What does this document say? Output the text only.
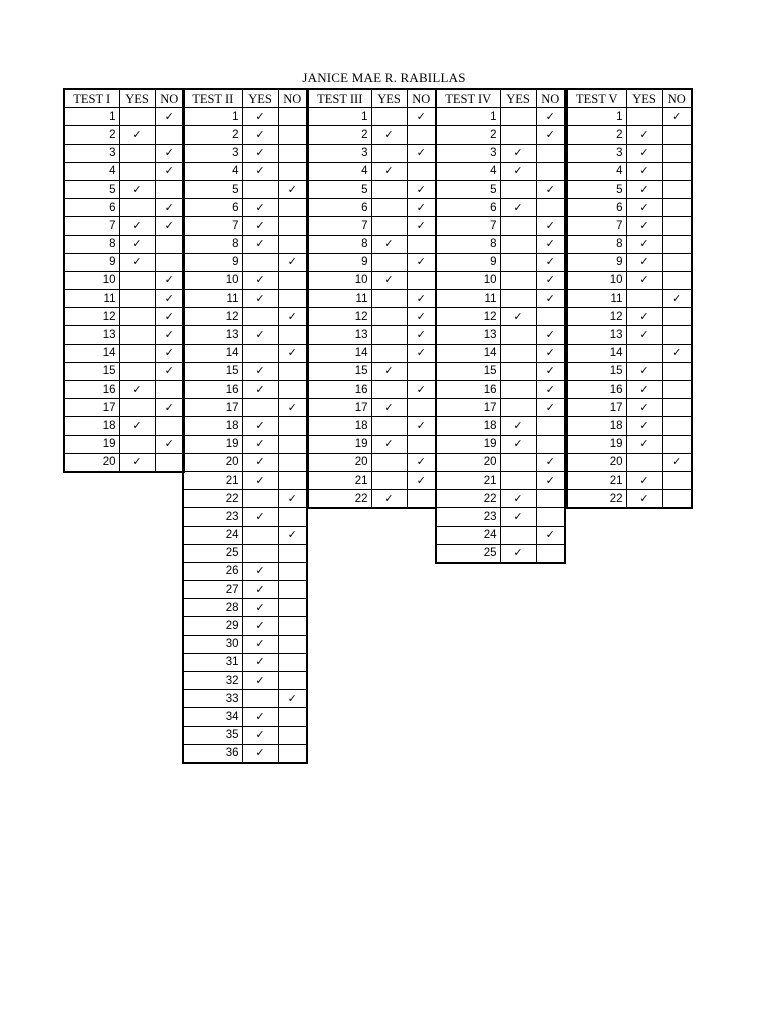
JANICE MAE R. RABILLAS
TEST I	YES	NO
1		✓
2	✓	
3		✓
4		✓
5	✓	
6		✓
7	✓	✓
8	✓	
9	✓	
10		✓
11		✓
12		✓
13		✓
14		✓
15		✓
16	✓	
17		✓
18	✓	
19		✓
20	✓	
TEST II	YES	NO
1	✓	
2	✓	
3	✓	
4	✓	
5		✓
6	✓	
7	✓	
8	✓	
9		✓
10	✓	
11	✓	
12		✓
13	✓	
14		✓
15	✓	
16	✓	
17		✓
18	✓	
19	✓	
20	✓	
21	✓	
22		✓
23	✓	
24		✓
25		
26	✓	
27	✓	
28	✓	
29	✓	
30	✓	
31	✓	
32	✓	
33		✓
34	✓	
35	✓	
36	✓	
TEST III	YES	NO
1		✓
2	✓	
3		✓
4	✓	
5		✓
6		✓
7		✓
8	✓	
9		✓
10	✓	
11		✓
12		✓
13		✓
14		✓
15	✓	
16		✓
17	✓	
18		✓
19	✓	
20		✓
21		✓
22	✓	
TEST IV	YES	NO
1		✓
2		✓
3	✓	
4	✓	
5		✓
6	✓	
7		✓
8		✓
9		✓
10		✓
11		✓
12	✓	
13		✓
14		✓
15		✓
16		✓
17		✓
18	✓	
19	✓	
20		✓
21		✓
22	✓	
23	✓	
24		✓
25	✓	
TEST V	YES	NO
1		✓
2	✓	
3	✓	
4	✓	
5	✓	
6	✓	
7	✓	
8	✓	
9	✓	
10	✓	
11		✓
12	✓	
13	✓	
14		✓
15	✓	
16	✓	
17	✓	
18	✓	
19	✓	
20		✓
21	✓	
22	✓	
